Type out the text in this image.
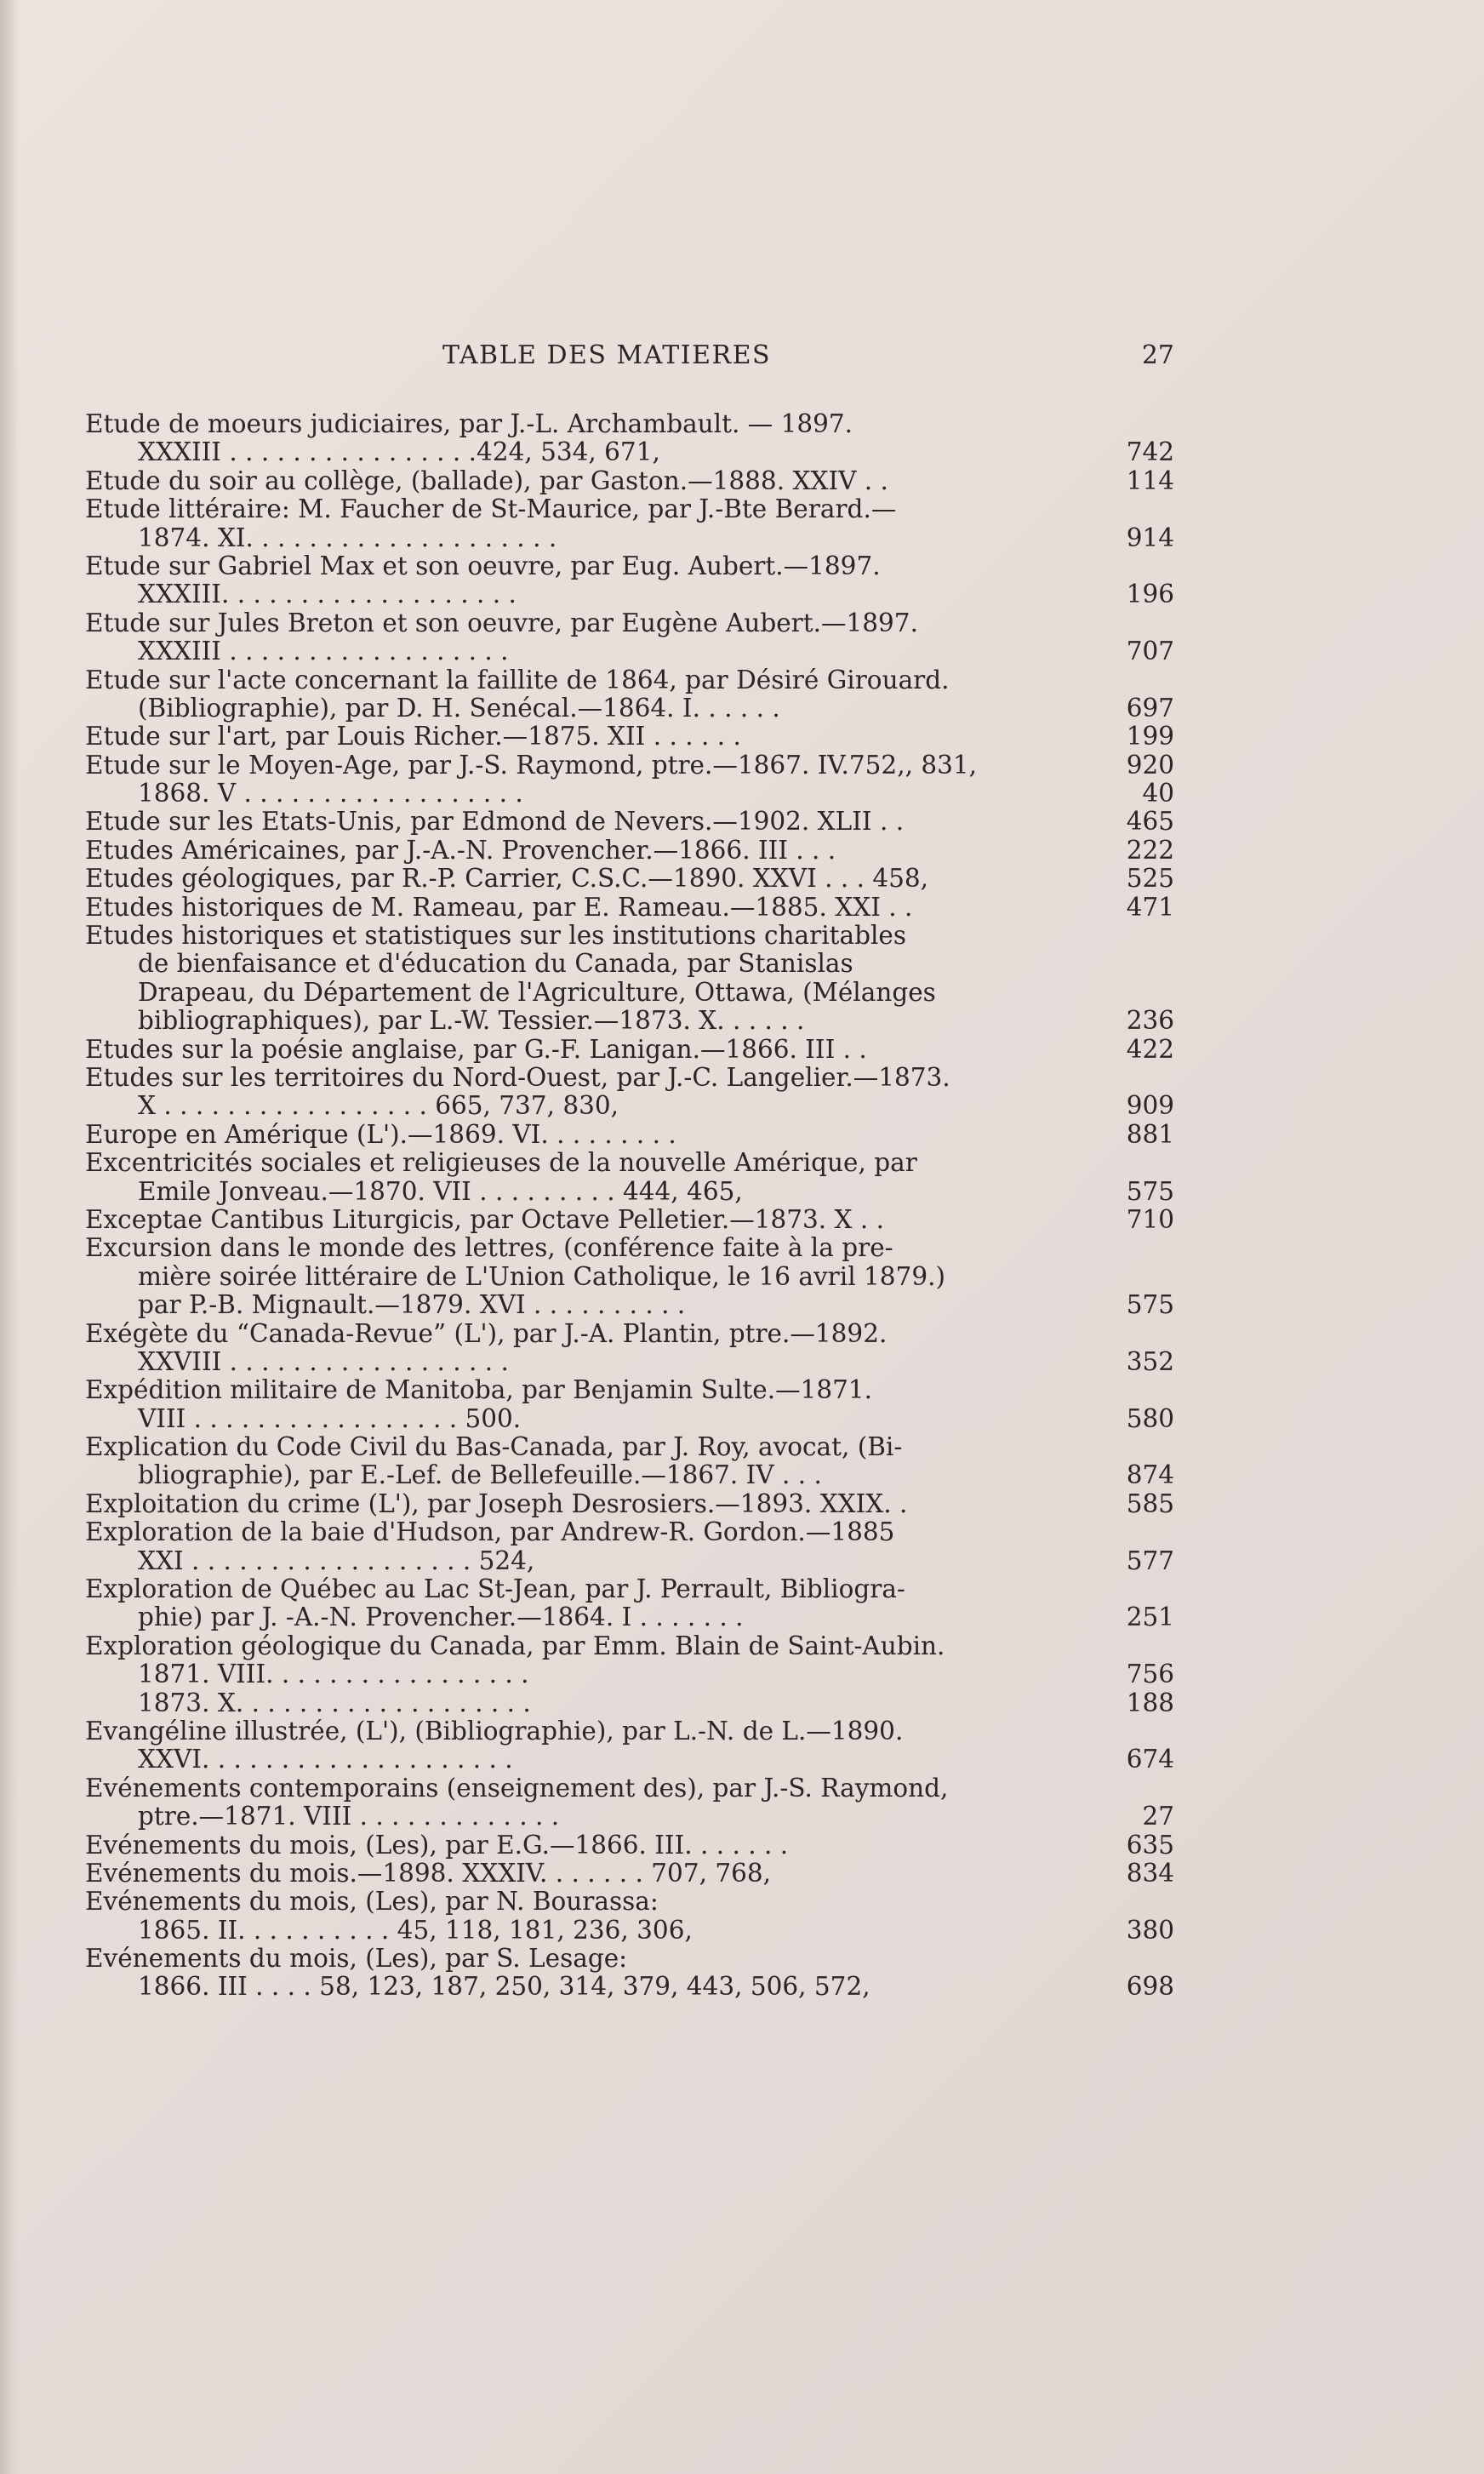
TABLE DES MATIERES	27
Etude de moeurs judiciaires, par J.-L. Archambault. — 1897.
XXXIII . . . . . . . . . . . . . . . .424, 534, 671,	742
Etude du soir au collège, (ballade), par Gaston.—1888. XXIV . .	114
Etude littéraire: M. Faucher de St-Maurice, par J.-Bte Berard.—
1874. XI. . . . . . . . . . . . . . . . . . . .	914
Etude sur Gabriel Max et son oeuvre, par Eug. Aubert.—1897.
XXXIII. . . . . . . . . . . . . . . . . . .	196
Etude sur Jules Breton et son oeuvre, par Eugène Aubert.—1897.
XXXIII . . . . . . . . . . . . . . . . . .	707
Etude sur l'acte concernant la faillite de 1864, par Désiré Girouard.
(Bibliographie), par D. H. Senécal.—1864. I. . . . . .	697
Etude sur l'art, par Louis Richer.—1875. XII . . . . . .	199
Etude sur le Moyen-Age, par J.-S. Raymond, ptre.—1867. IV.752,, 831,	920
1868. V . . . . . . . . . . . . . . . . . .	40
Etude sur les Etats-Unis, par Edmond de Nevers.—1902. XLII . .	465
Etudes Américaines, par J.-A.-N. Provencher.—1866. III . . .	222
Etudes géologiques, par R.-P. Carrier, C.S.C.—1890. XXVI . . . 458,	525
Etudes historiques de M. Rameau, par E. Rameau.—1885. XXI . .	471
Etudes historiques et statistiques sur les institutions charitables
de bienfaisance et d'éducation du Canada, par Stanislas
Drapeau, du Département de l'Agriculture, Ottawa, (Mélanges
bibliographiques), par L.-W. Tessier.—1873. X. . . . . .	236
Etudes sur la poésie anglaise, par G.-F. Lanigan.—1866. III . .	422
Etudes sur les territoires du Nord-Ouest, par J.-C. Langelier.—1873.
X . . . . . . . . . . . . . . . . . 665, 737, 830,	909
Europe en Amérique (L').—1869. VI. . . . . . . . .	881
Excentricités sociales et religieuses de la nouvelle Amérique, par
Emile Jonveau.—1870. VII . . . . . . . . . 444, 465,	575
Exceptae Cantibus Liturgicis, par Octave Pelletier.—1873. X . .	710
Excursion dans le monde des lettres, (conférence faite à la pre-
mière soirée littéraire de L'Union Catholique, le 16 avril 1879.)
par P.-B. Mignault.—1879. XVI . . . . . . . . . .	575
Exégète du “Canada-Revue” (L'), par J.-A. Plantin, ptre.—1892.
XXVIII . . . . . . . . . . . . . . . . . .	352
Expédition militaire de Manitoba, par Benjamin Sulte.—1871.
VIII . . . . . . . . . . . . . . . . . 500.	580
Explication du Code Civil du Bas-Canada, par J. Roy, avocat, (Bi-
bliographie), par E.-Lef. de Bellefeuille.—1867. IV . . .	874
Exploitation du crime (L'), par Joseph Desrosiers.—1893. XXIX. .	585
Exploration de la baie d'Hudson, par Andrew-R. Gordon.—1885
XXI . . . . . . . . . . . . . . . . . . 524,	577
Exploration de Québec au Lac St-Jean, par J. Perrault, Bibliogra-
phie) par J. -A.-N. Provencher.—1864. I . . . . . . .	251
Exploration géologique du Canada, par Emm. Blain de Saint-Aubin.
1871. VIII. . . . . . . . . . . . . . . . .	756
1873. X. . . . . . . . . . . . . . . . . . .	188
Evangéline illustrée, (L'), (Bibliographie), par L.-N. de L.—1890.
XXVI. . . . . . . . . . . . . . . . . . . .	674
Evénements contemporains (enseignement des), par J.-S. Raymond,
ptre.—1871. VIII . . . . . . . . . . . . .	27
Evénements du mois, (Les), par E.G.—1866. III. . . . . . .	635
Evénements du mois.—1898. XXXIV. . . . . . . 707, 768,	834
Evénements du mois, (Les), par N. Bourassa:
1865. II. . . . . . . . . . 45, 118, 181, 236, 306,	380
Evénements du mois, (Les), par S. Lesage:
1866. III . . . . 58, 123, 187, 250, 314, 379, 443, 506, 572,	698
